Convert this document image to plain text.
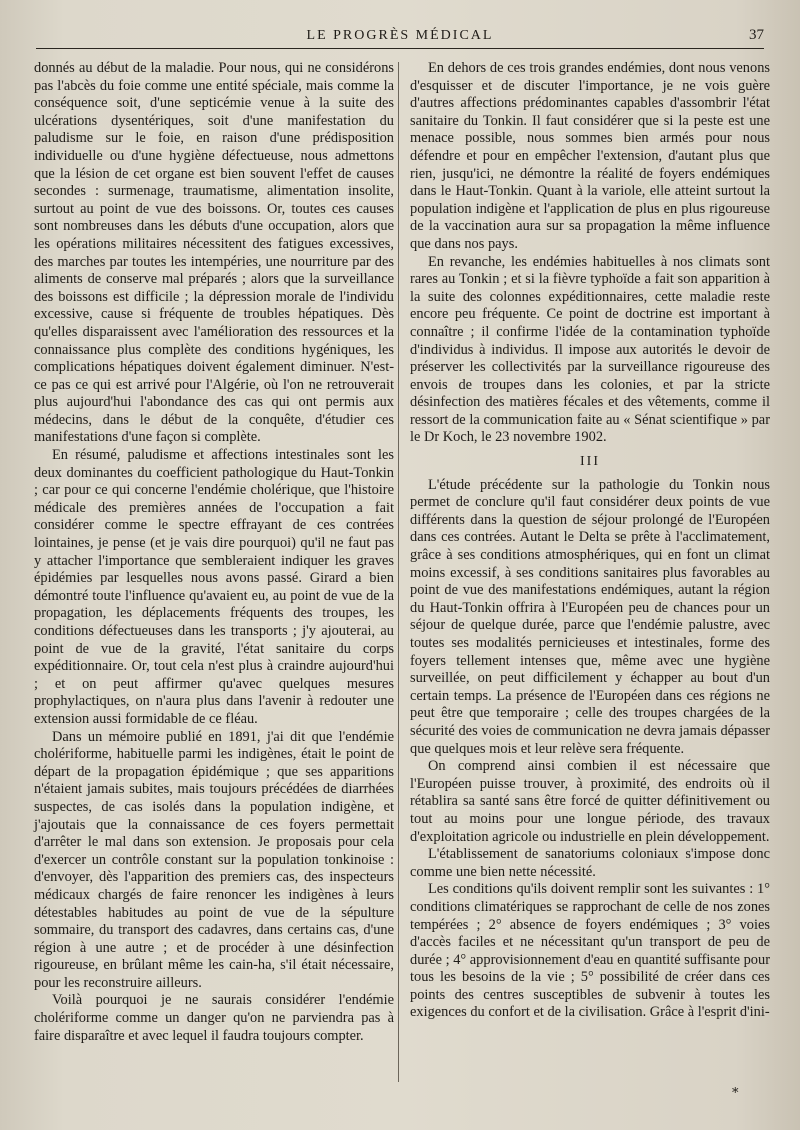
LE PROGRÈS MÉDICAL	37

donnés au début de la maladie. Pour nous, qui ne considérons pas l'abcès du foie comme une entité spéciale, mais comme la conséquence soit, d'une septicémie venue à la suite des ulcérations dysentériques, soit d'une manifestation du paludisme sur le foie, en raison d'une prédisposition individuelle ou d'une hygiène défectueuse, nous admettons que la lésion de cet organe est bien souvent l'effet de causes secondes : surmenage, traumatisme, alimentation insolite, surtout au point de vue des boissons. Or, toutes ces causes sont nombreuses dans les débuts d'une occupation, alors que les opérations militaires nécessitent des fatigues excessives, des marches par toutes les intempéries, une nourriture par des aliments de conserve mal préparés ; alors que la surveillance des boissons est difficile ; la dépression morale de l'individu excessive, cause si fréquente de troubles hépatiques. Dès qu'elles disparaissent avec l'amélioration des ressources et la connaissance plus complète des conditions hygéniques, les complications hépatiques doivent également diminuer. N'est-ce pas ce qui est arrivé pour l'Algérie, où l'on ne retrouverait plus aujourd'hui l'abondance des cas qui ont permis aux médecins, dans le début de la conquête, d'étudier ces manifestations d'une façon si complète.

En résumé, paludisme et affections intestinales sont les deux dominantes du coefficient pathologique du Haut-Tonkin ; car pour ce qui concerne l'endémie cholérique, que l'histoire médicale des premières années de l'occupation a fait considérer comme le spectre effrayant de ces contrées lointaines, je pense (et je vais dire pourquoi) qu'il ne faut pas y attacher l'importance que sembleraient indiquer les graves épidémies par lesquelles nous avons passé. Girard a bien démontré toute l'influence qu'avaient eu, au point de vue de la propagation, les déplacements fréquents des troupes, les conditions défectueuses dans les transports ; j'y ajouterai, au point de vue de la gravité, l'état sanitaire du corps expéditionnaire. Or, tout cela n'est plus à craindre aujourd'hui ; et on peut affirmer qu'avec quelques mesures prophylactiques, on n'aura plus dans l'avenir à redouter une extension aussi formidable de ce fléau.

Dans un mémoire publié en 1891, j'ai dit que l'endémie cholériforme, habituelle parmi les indigènes, était le point de départ de la propagation épidémique ; que ses apparitions n'étaient jamais subites, mais toujours précédées de diarrhées suspectes, de cas isolés dans la population indigène, et j'ajoutais que la connaissance de ces foyers permettait d'arrêter le mal dans son extension. Je proposais pour cela d'exercer un contrôle constant sur la population tonkinoise : d'envoyer, dès l'apparition des premiers cas, des inspecteurs médicaux chargés de faire renoncer les indigènes à leurs détestables habitudes au point de vue de la sépulture sommaire, du transport des cadavres, dans certains cas, d'une région à une autre ; et de procéder à une désinfection rigoureuse, en brûlant même les cain-ha, s'il était nécessaire, pour les reconstruire ailleurs.

Voilà pourquoi je ne saurais considérer l'endémie cholériforme comme un danger qu'on ne parviendra pas à faire disparaître et avec lequel il faudra toujours compter.

En dehors de ces trois grandes endémies, dont nous venons d'esquisser et de discuter l'importance, je ne vois guère d'autres affections prédominantes capables d'assombrir l'état sanitaire du Tonkin. Il faut considérer que si la peste est une menace possible, nous sommes bien armés pour nous défendre et pour en empêcher l'extension, d'autant plus que rien, jusqu'ici, ne démontre la réalité de foyers endémiques dans le Haut-Tonkin. Quant à la variole, elle atteint surtout la population indigène et l'application de plus en plus rigoureuse de la vaccination aura sur sa propagation la même influence que dans nos pays.

En revanche, les endémies habituelles à nos climats sont rares au Tonkin ; et si la fièvre typhoïde a fait son apparition à la suite des colonnes expéditionnaires, cette maladie reste encore peu fréquente. Ce point de doctrine est important à connaître ; il confirme l'idée de la contamination typhoïde d'individus à individus. Il impose aux autorités le devoir de préserver les collectivités par la surveillance rigoureuse des envois de troupes dans les colonies, et par la stricte désinfection des matières fécales et des vêtements, comme il ressort de la communication faite au « Sénat scientifique » par le Dr Koch, le 23 novembre 1902.

III

L'étude précédente sur la pathologie du Tonkin nous permet de conclure qu'il faut considérer deux points de vue différents dans la question de séjour prolongé de l'Européen dans ces contrées. Autant le Delta se prête à l'acclimatement, grâce à ses conditions atmosphériques, qui en font un climat moins excessif, à ses conditions sanitaires plus favorables au point de vue des manifestations endémiques, autant la région du Haut-Tonkin offrira à l'Européen peu de chances pour un séjour de quelque durée, parce que l'endémie palustre, avec toutes ses modalités pernicieuses et intestinales, forme des foyers tellement intenses que, même avec une hygiène surveillée, on peut difficilement y échapper au bout d'un certain temps. La présence de l'Européen dans ces régions ne peut être que temporaire ; celle des troupes chargées de la sécurité des voies de communication ne devra jamais dépasser que quelques mois et leur relève sera fréquente.

On comprend ainsi combien il est nécessaire que l'Européen puisse trouver, à proximité, des endroits où il rétablira sa santé sans être forcé de quitter définitivement ou tout au moins pour une longue période, des travaux d'exploitation agricole ou industrielle en plein développement.

L'établissement de sanatoriums coloniaux s'impose donc comme une bien nette nécessité.

Les conditions qu'ils doivent remplir sont les suivantes : 1° conditions climatériques se rapprochant de celle de nos zones tempérées ; 2° absence de foyers endémiques ; 3° voies d'accès faciles et ne nécessitant qu'un transport de peu de durée ; 4° approvisionnement d'eau en quantité suffisante pour tous les besoins de la vie ; 5° possibilité de créer dans ces points des centres susceptibles de subvenir à toutes les exigences du confort et de la civilisation. Grâce à l'esprit d'ini-

*
